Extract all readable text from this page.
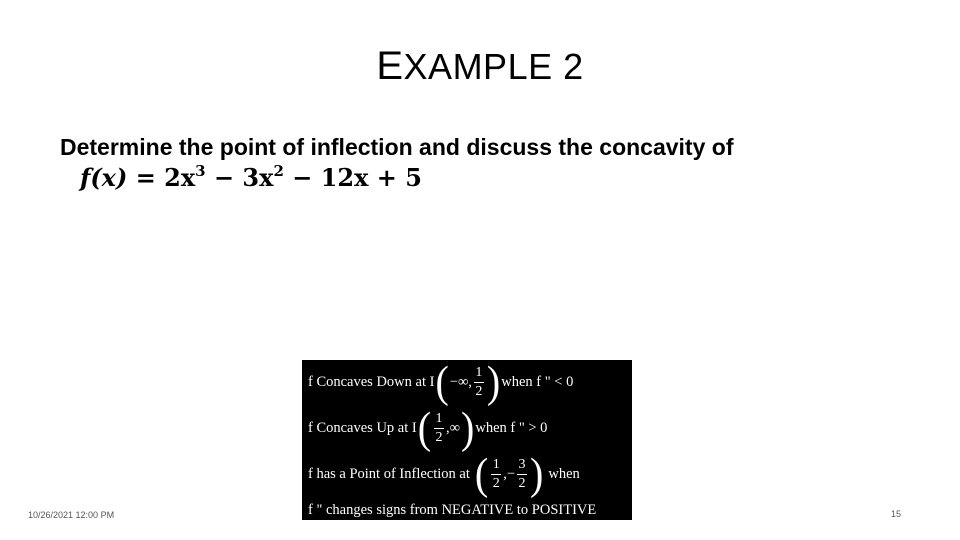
EXAMPLE 2
Determine the point of inflection and discuss the concavity of
$f(x) = 2x^3 - 3x^2 - 12x + 5$
f Concaves Down at I ( −∞, $\frac{1}{2}$ ) when f " < 0
f Concaves Up at I ( $\frac{1}{2}$ ,∞ ) when f " > 0
f has a Point of Inflection at ( $\frac{1}{2}$ ,− $\frac{3}{2}$ ) when
f " changes signs from NEGATIVE to POSITIVE
10/26/2021 12:00 PM	15
